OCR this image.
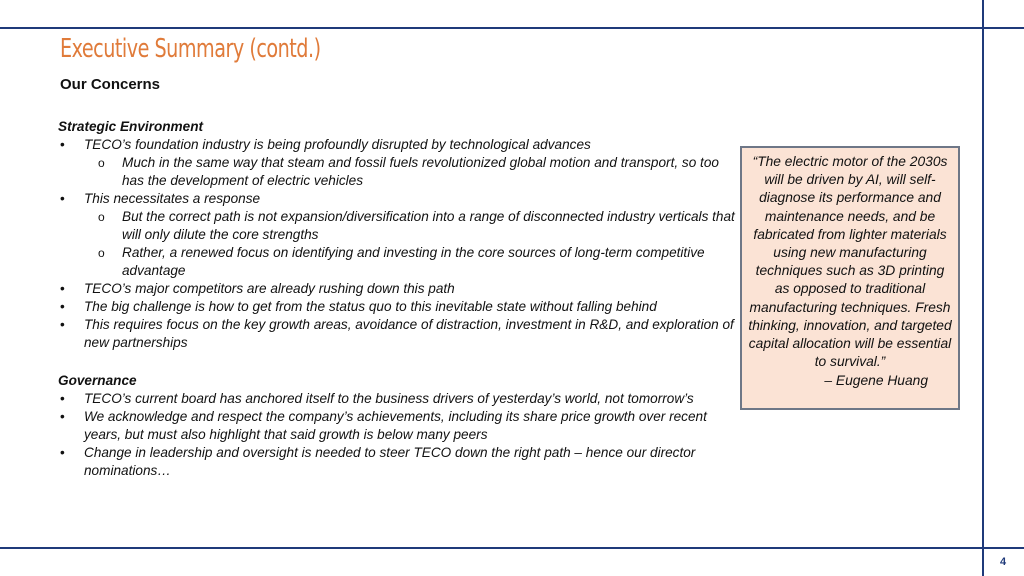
Executive Summary (contd.)
Our Concerns
Strategic Environment
• TECO’s foundation industry is being profoundly disrupted by technological advances
o Much in the same way that steam and fossil fuels revolutionized global motion and transport, so too has the development of electric vehicles
• This necessitates a response
o But the correct path is not expansion/diversification into a range of disconnected industry verticals that will only dilute the core strengths
o Rather, a renewed focus on identifying and investing in the core sources of long-term competitive advantage
• TECO’s major competitors are already rushing down this path
• The big challenge is how to get from the status quo to this inevitable state without falling behind
• This requires focus on the key growth areas, avoidance of distraction, investment in R&D, and exploration of new partnerships
Governance
• TECO’s current board has anchored itself to the business drivers of yesterday’s world, not tomorrow’s
• We acknowledge and respect the company’s achievements, including its share price growth over recent years, but must also highlight that said growth is below many peers
• Change in leadership and oversight is needed to steer TECO down the right path – hence our director nominations…
“The electric motor of the 2030s will be driven by AI, will self-diagnose its performance and maintenance needs, and be fabricated from lighter materials using new manufacturing techniques such as 3D printing as opposed to traditional manufacturing techniques. Fresh thinking, innovation, and targeted capital allocation will be essential to survival.”
– Eugene Huang
4
